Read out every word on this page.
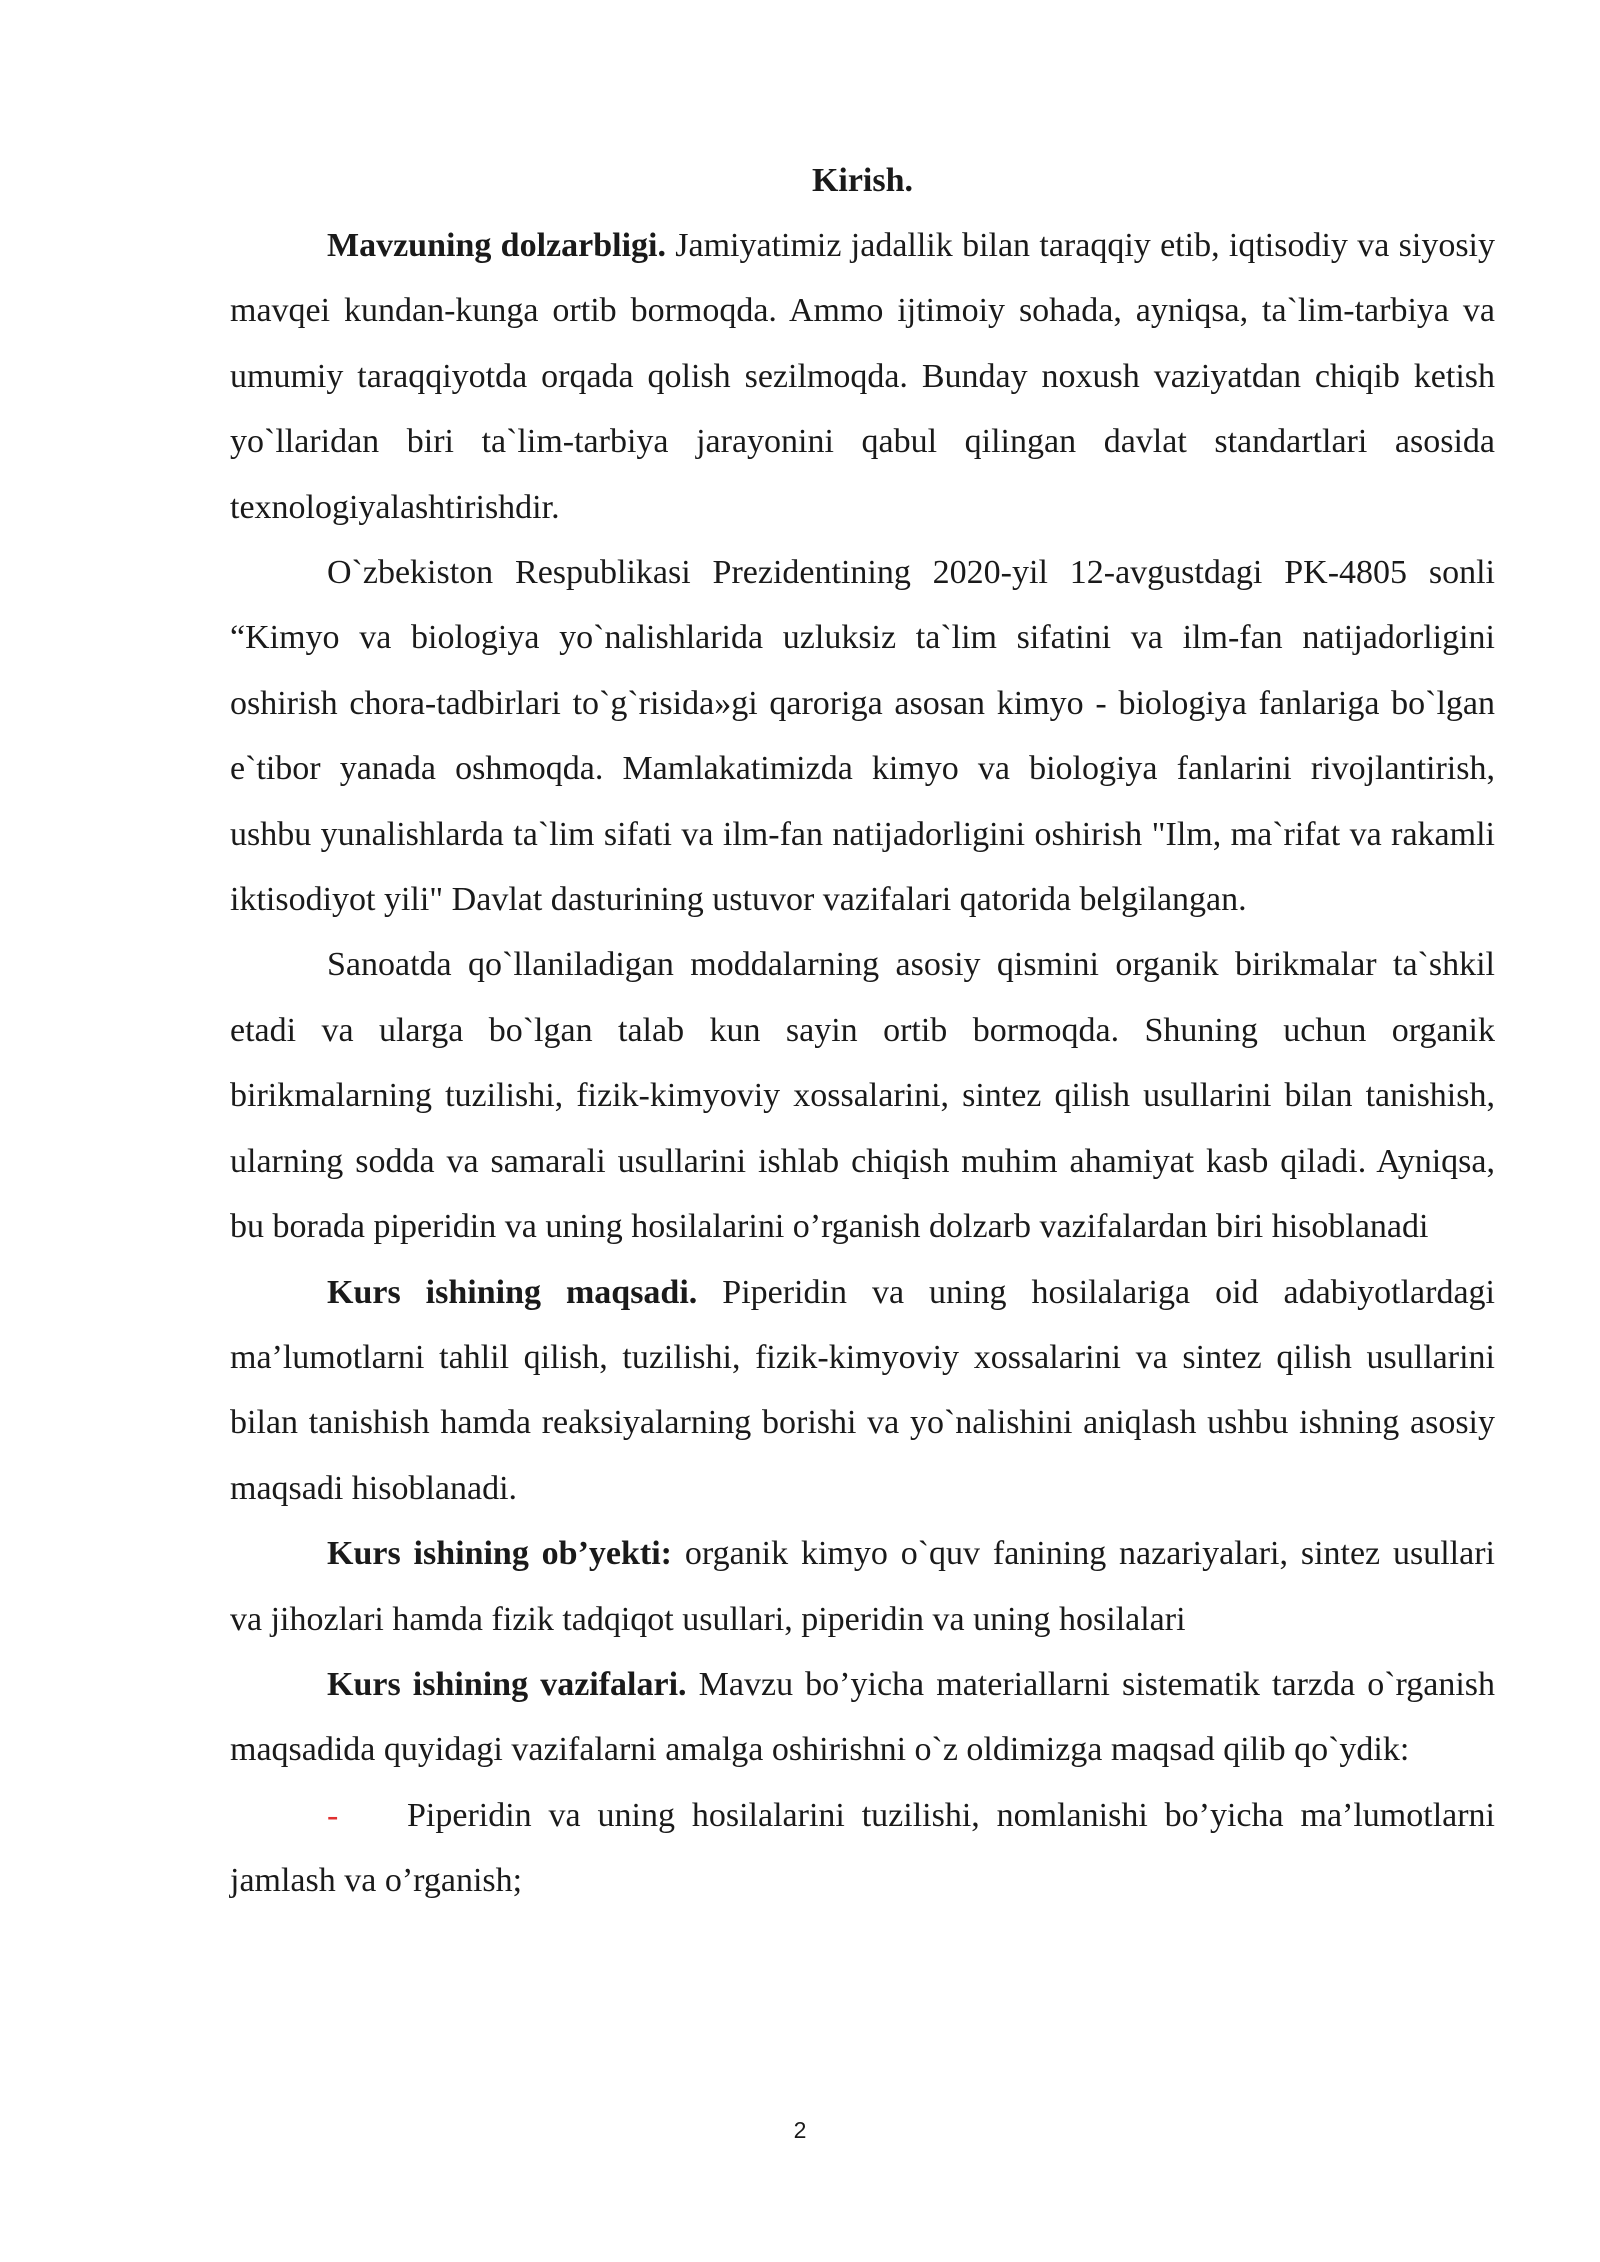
Kirish.

Mavzuning dolzarbligi. Jamiyatimiz jadallik bilan taraqqiy etib, iqtisodiy va siyosiy mavqei kundan-kunga ortib bormoqda. Ammo ijtimoiy sohada, ayniqsa, ta`lim-tarbiya va umumiy taraqqiyotda orqada qolish sezilmoqda. Bunday noxush vaziyatdan chiqib ketish yo`llaridan biri ta`lim-tarbiya jarayonini qabul qilingan davlat standartlari asosida texnologiyalashtirishdir.

O`zbekiston Respublikasi Prezidentining 2020-yil 12-avgustdagi PK-4805 sonli “Kimyo va biologiya yo`nalishlarida uzluksiz ta`lim sifatini va ilm-fan natijadorligini oshirish chora-tadbirlari to`g`risida»gi qaroriga asosan kimyo - biologiya fanlariga bo`lgan e`tibor yanada oshmoqda. Mamlakatimizda kimyo va biologiya fanlarini rivojlantirish, ushbu yunalishlarda ta`lim sifati va ilm-fan natijadorligini oshirish "Ilm, ma`rifat va rakamli iktisodiyot yili" Davlat dasturining ustuvor vazifalari qatorida belgilangan.

Sanoatda qo`llaniladigan moddalarning asosiy qismini organik birikmalar ta`shkil etadi va ularga bo`lgan talab kun sayin ortib bormoqda. Shuning uchun organik birikmalarning tuzilishi, fizik-kimyoviy xossalarini, sintez qilish usullarini bilan tanishish, ularning sodda va samarali usullarini ishlab chiqish muhim ahamiyat kasb qiladi. Ayniqsa, bu borada piperidin va uning hosilalarini o’rganish dolzarb vazifalardan biri hisoblanadi

Kurs ishining maqsadi. Piperidin va uning hosilalariga oid adabiyotlardagi ma’lumotlarni tahlil qilish, tuzilishi, fizik-kimyoviy xossalarini va sintez qilish usullarini bilan tanishish hamda reaksiyalarning borishi va yo`nalishini aniqlash ushbu ishning asosiy maqsadi hisoblanadi.

Kurs ishining ob’yekti: organik kimyo o`quv fanining nazariyalari, sintez usullari va jihozlari hamda fizik tadqiqot usullari, piperidin va uning hosilalari

Kurs ishining vazifalari. Mavzu bo’yicha materiallarni sistematik tarzda o`rganish maqsadida quyidagi vazifalarni amalga oshirishni o`z oldimizga maqsad qilib qo`ydik:

- Piperidin va uning hosilalarini tuzilishi, nomlanishi bo’yicha ma’lumotlarni jamlash va o’rganish;

2
